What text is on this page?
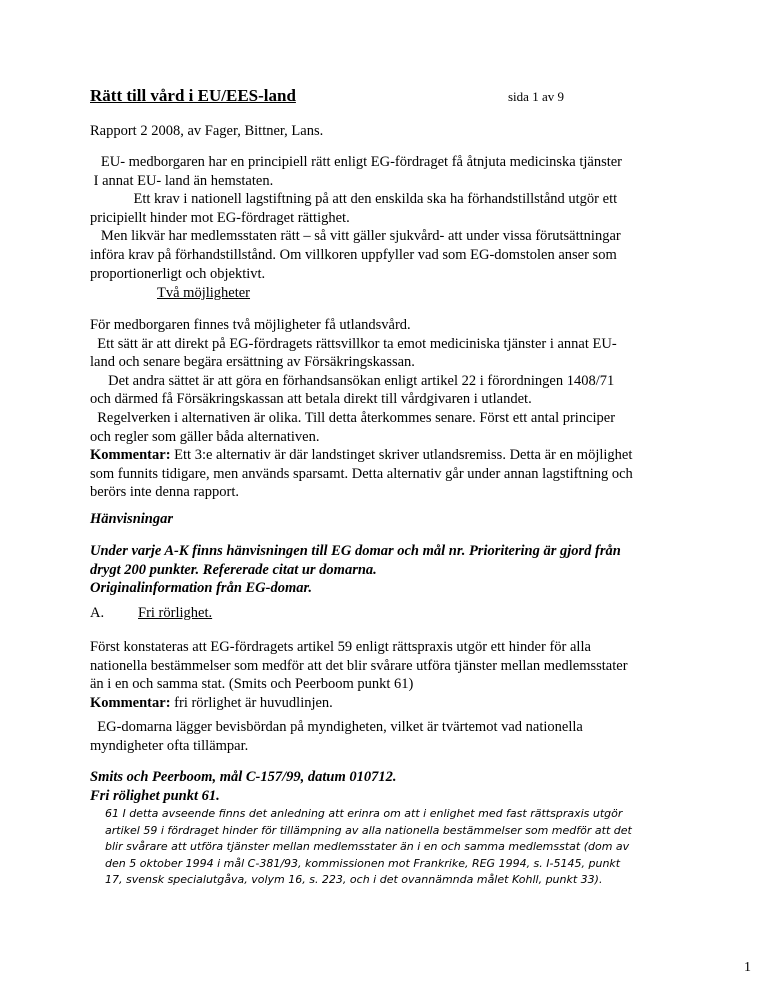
Rätt till vård i EU/EES-land	sida 1 av 9
Rapport 2 2008, av Fager, Bittner, Lans.
EU- medborgaren har en principiell rätt enligt EG-fördraget få åtnjuta medicinska tjänster
I annat EU- land än hemstaten.
Ett krav i nationell lagstiftning på att den enskilda ska ha förhandstillstånd utgör ett
pricipiellt hinder mot EG-fördraget rättighet.
Men likvär har medlemsstaten rätt – så vitt gäller sjukvård- att under vissa förutsättningar
införa krav på förhandstillstånd. Om villkoren uppfyller vad som EG-domstolen anser som
proportionerligt och objektivt.
Två möjligheter
För medborgaren finnes två möjligheter få utlandsvård.
Ett sätt är att direkt på EG-fördragets rättsvillkor ta emot mediciniska tjänster i annat EU-
land och senare begära ersättning av Försäkringskassan.
Det andra sättet är att göra en förhandsansökan enligt artikel 22 i förordningen 1408/71
och därmed få Försäkringskassan att betala direkt till vårdgivaren i utlandet.
Regelverken i alternativen är olika. Till detta återkommes senare. Först ett antal principer
och regler som gäller båda alternativen.
Kommentar: Ett 3:e alternativ är där landstinget skriver utlandsremiss. Detta är en möjlighet
som funnits tidigare, men används sparsamt. Detta alternativ går under annan lagstiftning och
berörs inte denna rapport.
Hänvisningar
Under varje A-K finns hänvisningen till EG domar och mål nr. Prioritering är gjord från
drygt 200 punkter. Refererade citat ur domarna.
Originalinformation från EG-domar.
A. Fri rörlighet.
Först konstateras att EG-fördragets artikel 59 enligt rättspraxis utgör ett hinder för alla
nationella bestämmelser som medför att det blir svårare utföra tjänster mellan medlemsstater
än i en och samma stat. (Smits och Peerboom punkt 61)
Kommentar: fri rörlighet är huvudlinjen.
EG-domarna lägger bevisbördan på myndigheten, vilket är tvärtemot vad nationella
myndigheter ofta tillämpar.
Smits och Peerboom, mål C-157/99, datum 010712.
Fri rölighet punkt 61.
61 I detta avseende finns det anledning att erinra om att i enlighet med fast rättspraxis utgör
artikel 59 i fördraget hinder för tillämpning av alla nationella bestämmelser som medför att det
blir svårare att utföra tjänster mellan medlemsstater än i en och samma medlemsstat (dom av
den 5 oktober 1994 i mål C-381/93, kommissionen mot Frankrike, REG 1994, s. I-5145, punkt
17, svensk specialutgåva, volym 16, s. 223, och i det ovannämnda målet Kohll, punkt 33).
1
